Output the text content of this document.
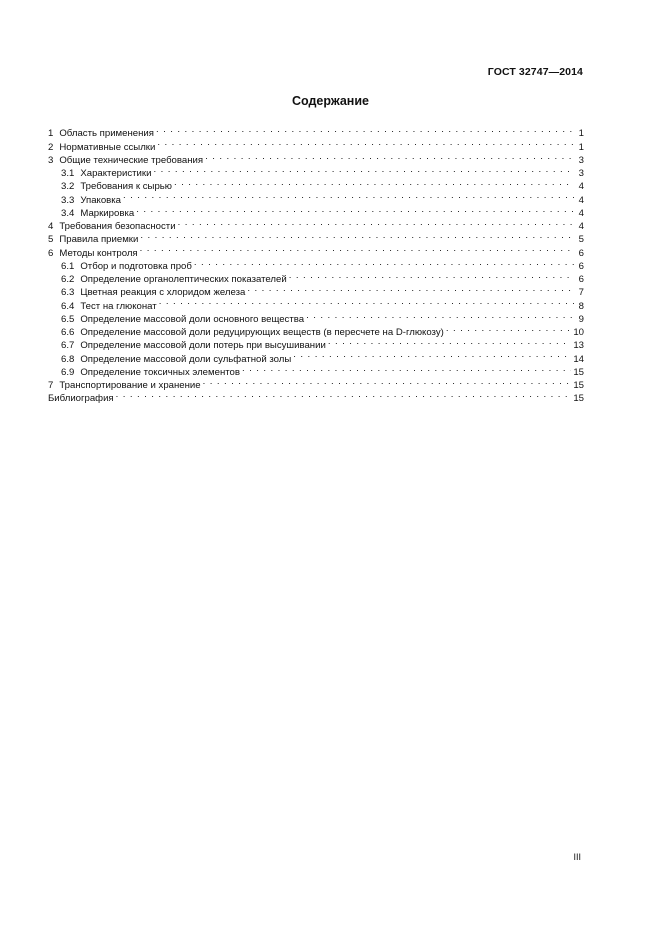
ГОСТ 32747—2014
Содержание
1 Область применения . . .	1
2 Нормативные ссылки . . .	1
3 Общие технические требования . . .	3
3.1 Характеристики . . .	3
3.2 Требования к сырью . . .	4
3.3 Упаковка . . .	4
3.4 Маркировка . . .	4
4 Требования безопасности . . .	4
5 Правила приемки . . .	5
6 Методы контроля . . .	6
6.1 Отбор и подготовка проб . . .	6
6.2 Определение органолептических показателей . . .	6
6.3 Цветная реакция с хлоридом железа . . .	7
6.4 Тест на глюконат . . .	8
6.5 Определение массовой доли основного вещества . . .	9
6.6 Определение массовой доли редуцирующих веществ (в пересчете на D-глюкозу) . . .	10
6.7 Определение массовой доли потерь при высушивании . . .	13
6.8 Определение массовой доли сульфатной золы . . .	14
6.9 Определение токсичных элементов . . .	15
7 Транспортирование и хранение . . .	15
Библиография . . .	15
III
